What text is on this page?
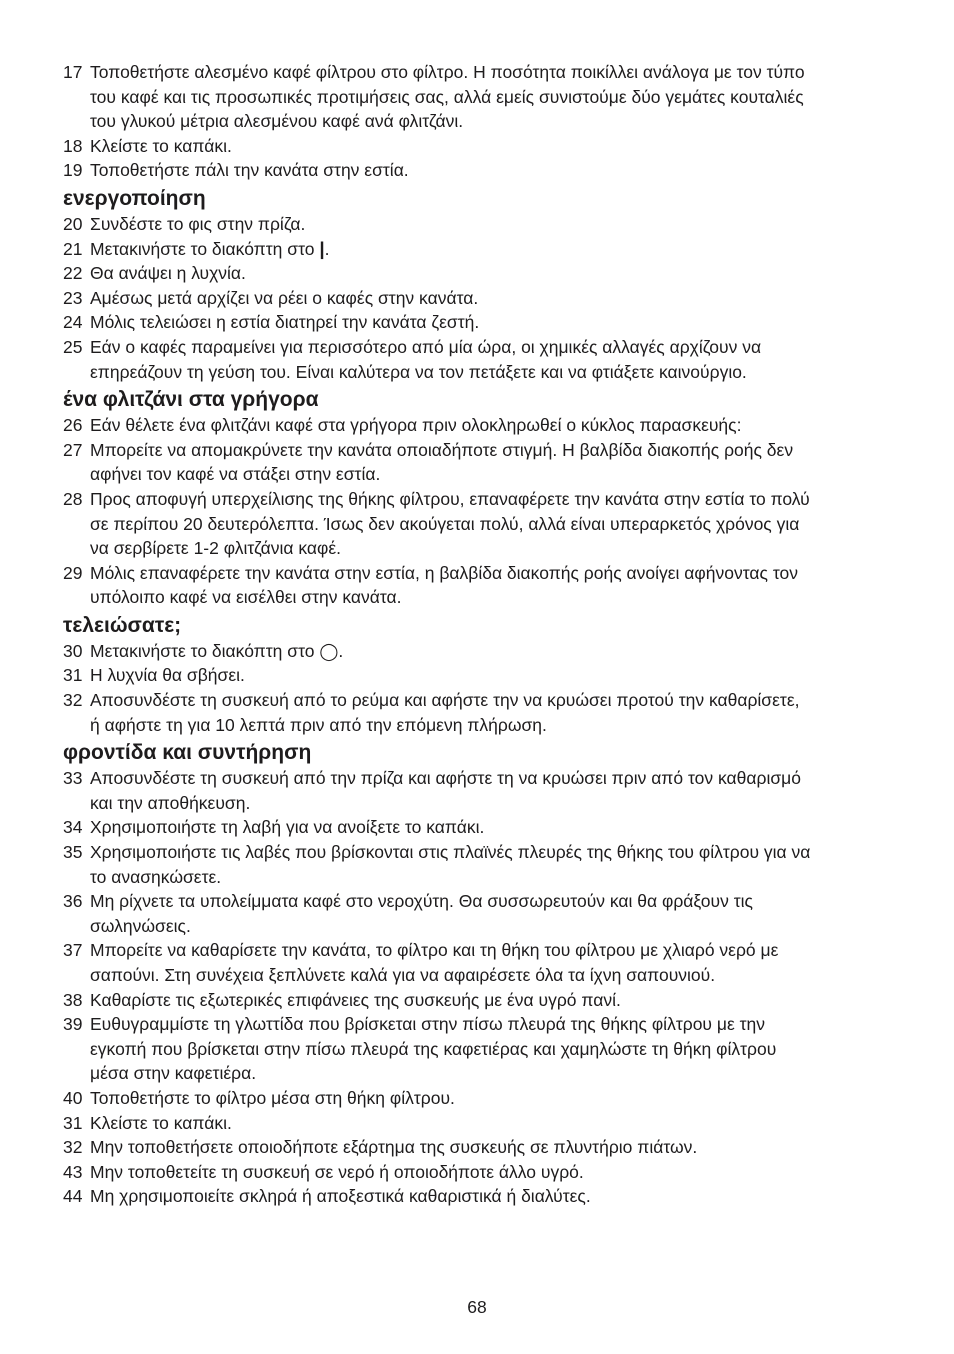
17 Τοποθετήστε αλεσμένο καφέ φίλτρου στο φίλτρο. Η ποσότητα ποικίλλει ανάλογα με τον τύπο
του καφέ και τις προσωπικές προτιμήσεις σας, αλλά εμείς συνιστούμε δύο γεμάτες κουταλιές
του γλυκού μέτρια αλεσμένου καφέ ανά φλιτζάνι.
18 Κλείστε το καπάκι.
19 Τοποθετήστε πάλι την κανάτα στην εστία.
ενεργοποίηση
20 Συνδέστε το φις στην πρίζα.
21 Μετακινήστε το διακόπτη στο |.
22 Θα ανάψει η λυχνία.
23 Αμέσως μετά αρχίζει να ρέει ο καφές στην κανάτα.
24 Μόλις τελειώσει η εστία διατηρεί την κανάτα ζεστή.
25 Εάν ο καφές παραμείνει για περισσότερο από μία ώρα, οι χημικές αλλαγές αρχίζουν να
επηρεάζουν τη γεύση του. Είναι καλύτερα να τον πετάξετε και να φτιάξετε καινούργιο.
ένα φλιτζάνι στα γρήγορα
26 Εάν θέλετε ένα φλιτζάνι καφέ στα γρήγορα πριν ολοκληρωθεί ο κύκλος παρασκευής:
27 Μπορείτε να απομακρύνετε την κανάτα οποιαδήποτε στιγμή. Η βαλβίδα διακοπής ροής δεν
αφήνει τον καφέ να στάξει στην εστία.
28 Προς αποφυγή υπερχείλισης της θήκης φίλτρου, επαναφέρετε την κανάτα στην εστία το πολύ
σε περίπου 20 δευτερόλεπτα. Ίσως δεν ακούγεται πολύ, αλλά είναι υπεραρκετός χρόνος για
να σερβίρετε 1-2 φλιτζάνια καφέ.
29 Μόλις επαναφέρετε την κανάτα στην εστία, η βαλβίδα διακοπής ροής ανοίγει αφήνοντας τον
υπόλοιπο καφέ να εισέλθει στην κανάτα.
τελειώσατε;
30 Μετακινήστε το διακόπτη στο ◯.
31 Η λυχνία θα σβήσει.
32 Αποσυνδέστε τη συσκευή από το ρεύμα και αφήστε την να κρυώσει προτού την καθαρίσετε,
ή αφήστε τη για 10 λεπτά πριν από την επόμενη πλήρωση.
φροντίδα και συντήρηση
33 Αποσυνδέστε τη συσκευή από την πρίζα και αφήστε τη να κρυώσει πριν από τον καθαρισμό
και την αποθήκευση.
34 Χρησιμοποιήστε τη λαβή για να ανοίξετε το καπάκι.
35 Χρησιμοποιήστε τις λαβές που βρίσκονται στις πλαϊνές πλευρές της θήκης του φίλτρου για να
το ανασηκώσετε.
36 Μη ρίχνετε τα υπολείμματα καφέ στο νεροχύτη. Θα συσσωρευτούν και θα φράξουν τις
σωληνώσεις.
37 Μπορείτε να καθαρίσετε την κανάτα, το φίλτρο και τη θήκη του φίλτρου με χλιαρό νερό με
σαπούνι. Στη συνέχεια ξεπλύνετε καλά για να αφαιρέσετε όλα τα ίχνη σαπουνιού.
38 Καθαρίστε τις εξωτερικές επιφάνειες της συσκευής με ένα υγρό πανί.
39 Ευθυγραμμίστε τη γλωττίδα που βρίσκεται στην πίσω πλευρά της θήκης φίλτρου με την
εγκοπή που βρίσκεται στην πίσω πλευρά της καφετιέρας και χαμηλώστε τη θήκη φίλτρου
μέσα στην καφετιέρα.
40 Τοποθετήστε το φίλτρο μέσα στη θήκη φίλτρου.
31 Κλείστε το καπάκι.
32 Μην τοποθετήσετε οποιοδήποτε εξάρτημα της συσκευής σε πλυντήριο πιάτων.
43 Μην τοποθετείτε τη συσκευή σε νερό ή οποιοδήποτε άλλο υγρό.
44 Μη χρησιμοποιείτε σκληρά ή αποξεστικά καθαριστικά ή διαλύτες.
68
